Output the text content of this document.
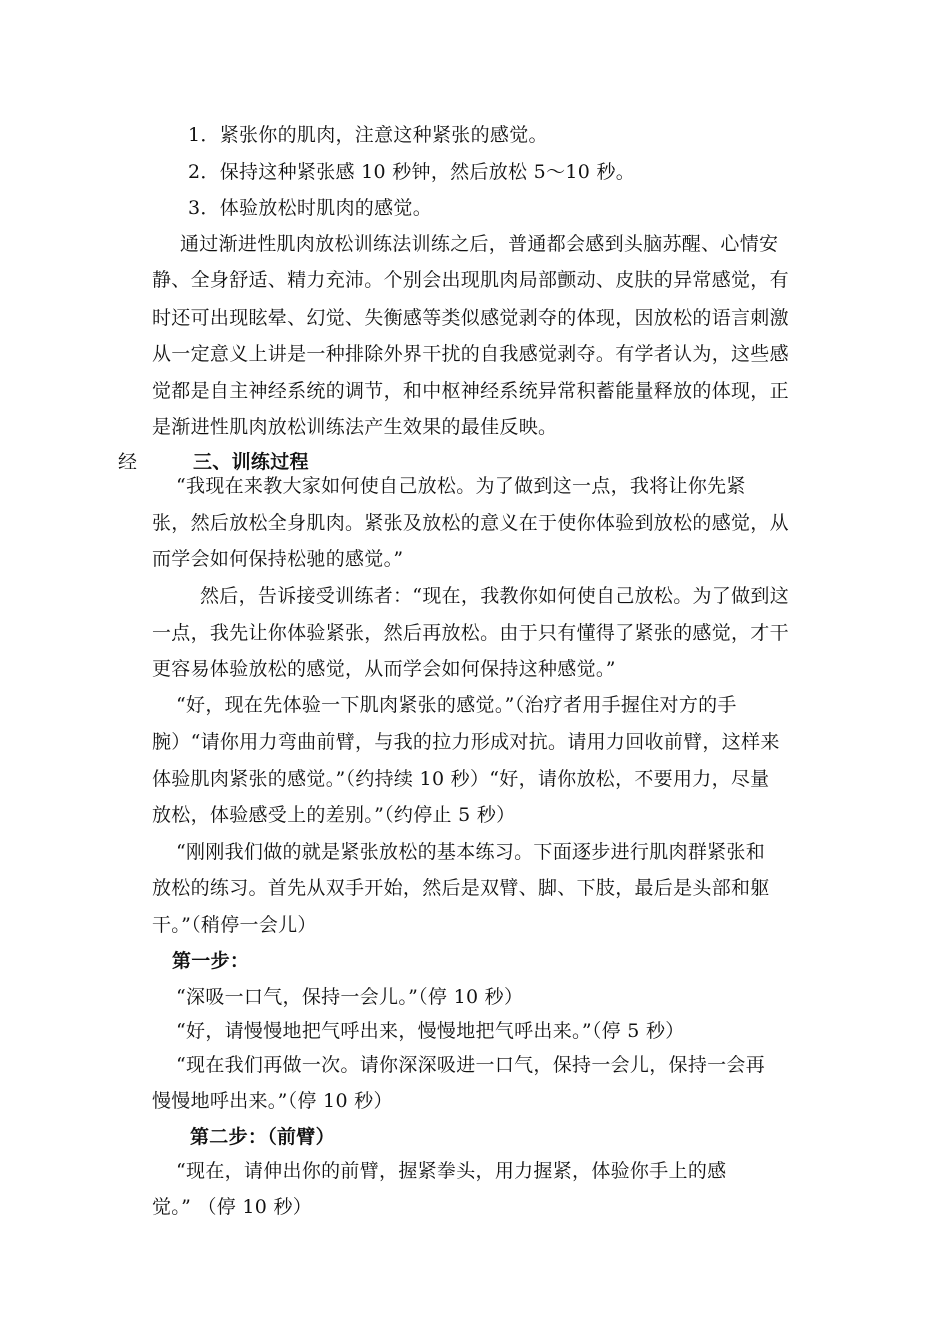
1．紧张你的肌肉，注意这种紧张的感觉。
2．保持这种紧张感 10 秒钟，然后放松 5～10 秒。
3．体验放松时肌肉的感觉。
通过渐进性肌肉放松训练法训练之后，普通都会感到头脑苏醒、心情安
静、全身舒适、精力充沛。个别会出现肌肉局部颤动、皮肤的异常感觉，有
时还可出现眩晕、幻觉、失衡感等类似感觉剥夺的体现，因放松的语言刺激
从一定意义上讲是一种排除外界干扰的自我感觉剥夺。有学者认为，这些感
觉都是自主神经系统的调节，和中枢神经系统异常积蓄能量释放的体现，正
是渐进性肌肉放松训练法产生效果的最佳反映。
经	三、训练过程
“我现在来教大家如何使自己放松。为了做到这一点，我将让你先紧
张，然后放松全身肌肉。紧张及放松的意义在于使你体验到放松的感觉，从
而学会如何保持松驰的感觉。”
然后，告诉接受训练者：“现在，我教你如何使自己放松。为了做到这
一点，我先让你体验紧张，然后再放松。由于只有懂得了紧张的感觉，才干
更容易体验放松的感觉，从而学会如何保持这种感觉。”
“好，现在先体验一下肌肉紧张的感觉。”（治疗者用手握住对方的手
腕）“请你用力弯曲前臂，与我的拉力形成对抗。请用力回收前臂，这样来
体验肌肉紧张的感觉。”（约持续 10 秒）“好，请你放松，不要用力，尽量
放松，体验感受上的差别。”（约停止 5 秒）
“刚刚我们做的就是紧张放松的基本练习。下面逐步进行肌肉群紧张和
放松的练习。首先从双手开始，然后是双臂、脚、下肢，最后是头部和躯
干。”（稍停一会儿）
第一步：
“深吸一口气，保持一会儿。”（停 10 秒）
“好，请慢慢地把气呼出来，慢慢地把气呼出来。”（停 5 秒）
“现在我们再做一次。请你深深吸进一口气，保持一会儿，保持一会再
慢慢地呼出来。”（停 10 秒）
第二步：（前臂）
“现在，请伸出你的前臂，握紧拳头，用力握紧，体验你手上的感
觉。” （停 10 秒）
